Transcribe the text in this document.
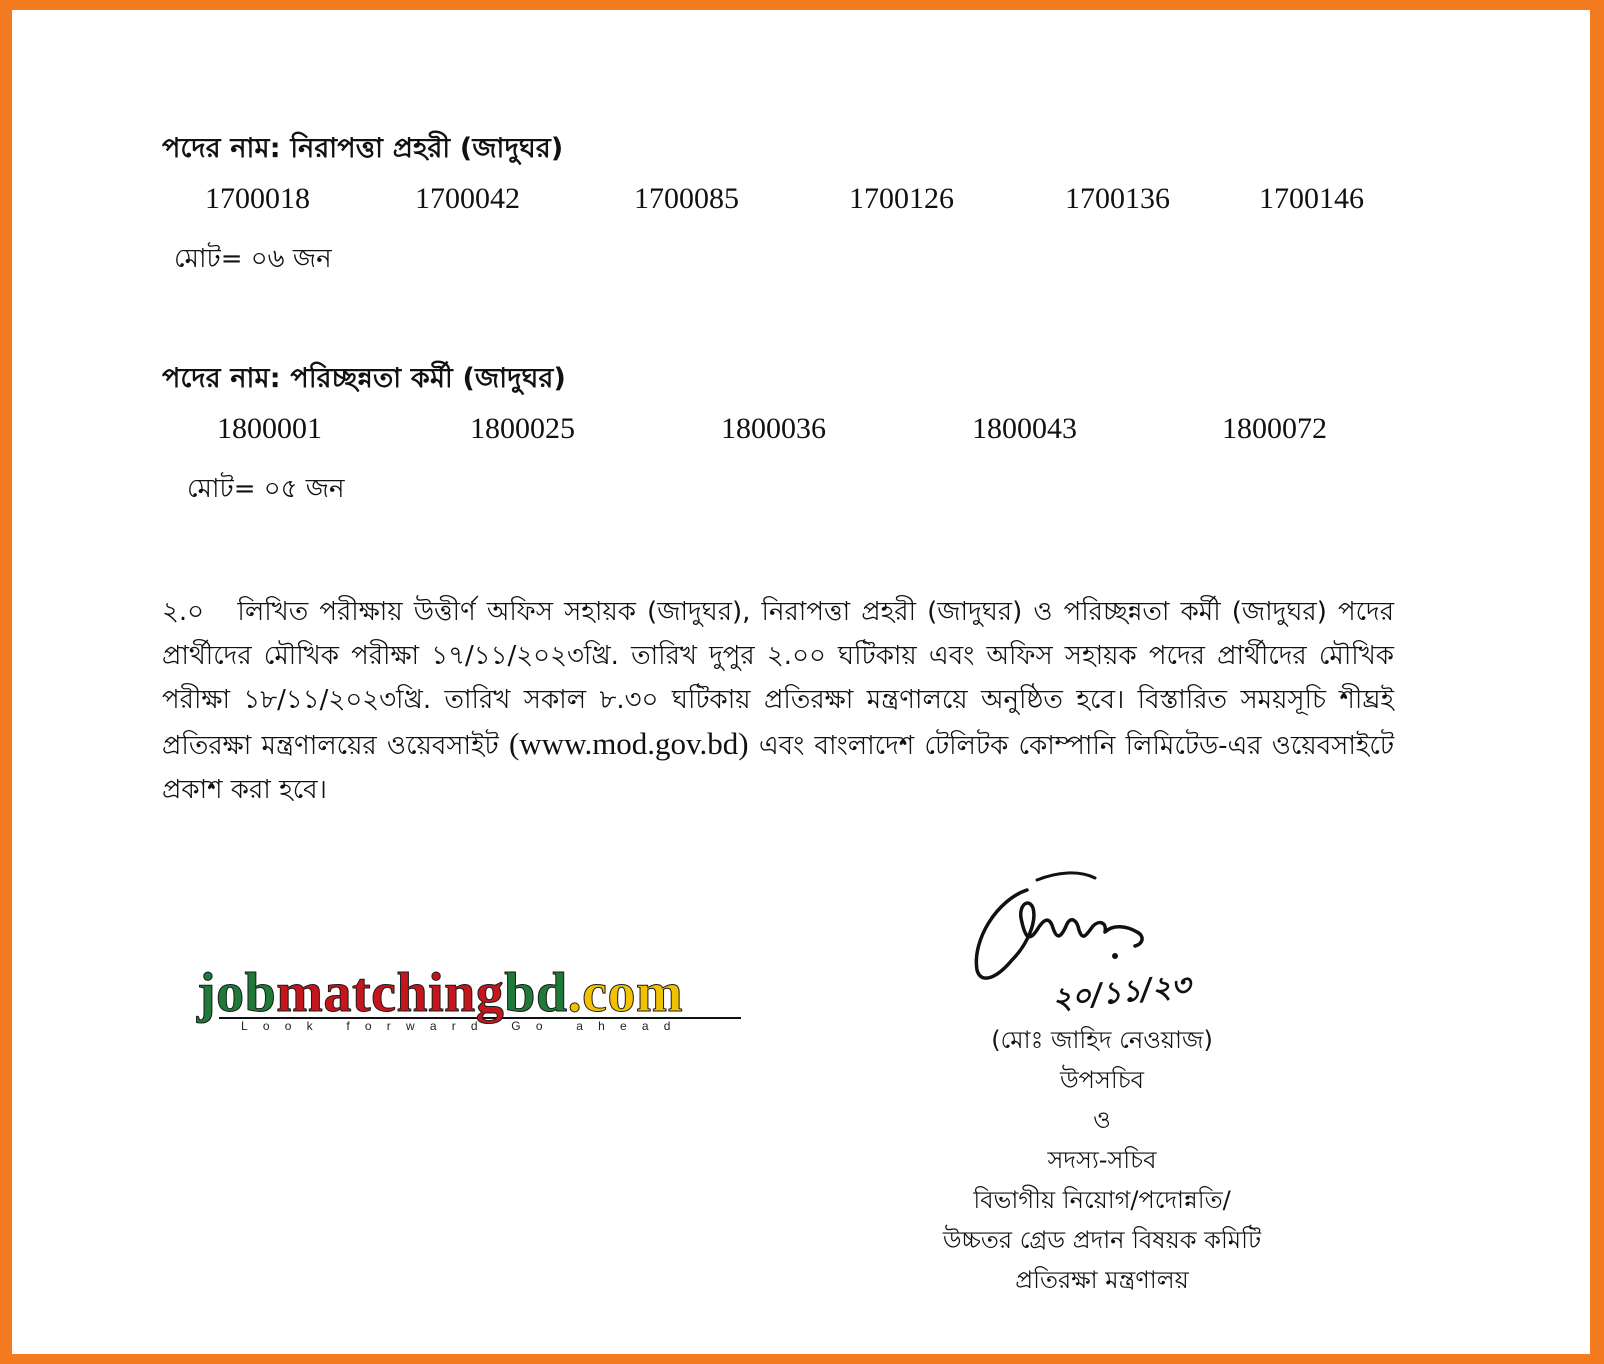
পদের নাম: নিরাপত্তা প্রহরী (জাদুঘর)
1700018	1700042	1700085	1700126	1700136	1700146
মোট= ০৬ জন
পদের নাম: পরিচ্ছন্নতা কর্মী (জাদুঘর)
1800001	1800025	1800036	1800043	1800072
মোট= ০৫ জন
২.০ লিখিত পরীক্ষায় উত্তীর্ণ অফিস সহায়ক (জাদুঘর), নিরাপত্তা প্রহরী (জাদুঘর) ও পরিচ্ছন্নতা কর্মী (জাদুঘর) পদের প্রার্থীদের মৌখিক পরীক্ষা ১৭/১১/২০২৩খ্রি. তারিখ দুপুর ২.০০ ঘটিকায় এবং অফিস সহায়ক পদের প্রার্থীদের মৌখিক পরীক্ষা ১৮/১১/২০২৩খ্রি. তারিখ সকাল ৮.৩০ ঘটিকায় প্রতিরক্ষা মন্ত্রণালয়ে অনুষ্ঠিত হবে। বিস্তারিত সময়সূচি শীঘ্রই প্রতিরক্ষা মন্ত্রণালয়ের ওয়েবসাইট (www.mod.gov.bd) এবং বাংলাদেশ টেলিটক কোম্পানি লিমিটেড-এর ওয়েবসাইটে প্রকাশ করা হবে।
jobmatchingbd.com
Look forward Go ahead
২০/১১/২৩
(মোঃ জাহিদ নেওয়াজ)
উপসচিব
ও
সদস্য-সচিব
বিভাগীয় নিয়োগ/পদোন্নতি/
উচ্চতর গ্রেড প্রদান বিষয়ক কমিটি
প্রতিরক্ষা মন্ত্রণালয়
